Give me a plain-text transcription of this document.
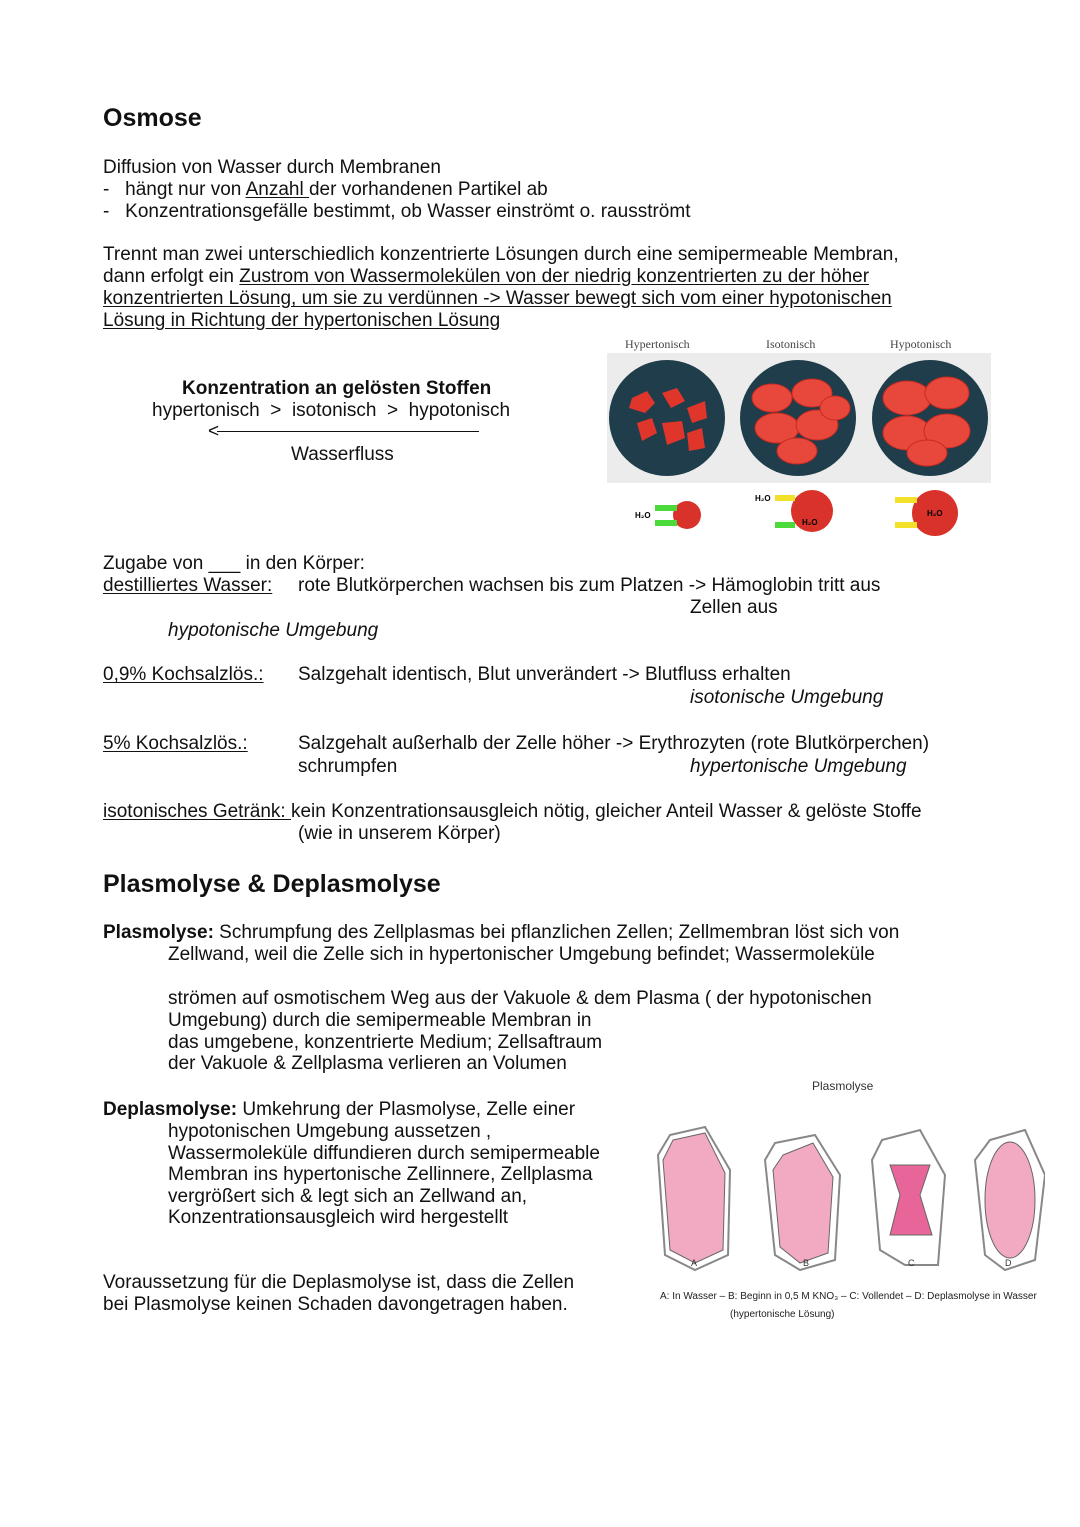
Osmose
Diffusion von Wasser durch Membranen
-   hängt nur von Anzahl der vorhandenen Partikel ab
-   Konzentrationsgefälle bestimmt, ob Wasser einströmt o. rausströmt
Trennt man zwei unterschiedlich konzentrierte Lösungen durch eine semipermeable Membran,
dann erfolgt ein Zustrom von Wassermolekülen von der niedrig konzentrierten zu der höher
konzentrierten Lösung, um sie zu verdünnen -> Wasser bewegt sich vom einer hypotonischen
Lösung in Richtung der hypertonischen Lösung
Konzentration an gelösten Stoffen
hypertonisch  >  isotonisch  >  hypotonisch
<
Wasserfluss
Hypertonisch	Isotonisch	Hypotonisch
H₂O
H₂O
H₂O
H₂O
Zugabe von ___ in den Körper:
destilliertes Wasser: rote Blutkörperchen wachsen bis zum Platzen -> Hämoglobin tritt aus
Zellen aus
hypotonische Umgebung
0,9% Kochsalzlös.: Salzgehalt identisch, Blut unverändert -> Blutfluss erhalten
isotonische Umgebung
5% Kochsalzlös.:	Salzgehalt außerhalb der Zelle höher -> Erythrozyten (rote Blutkörperchen)
schrumpfen	hypertonische Umgebung
isotonisches Getränk: kein Konzentrationsausgleich nötig, gleicher Anteil Wasser & gelöste Stoffe
(wie in unserem Körper)
Plasmolyse & Deplasmolyse
Plasmolyse: Schrumpfung des Zellplasmas bei pflanzlichen Zellen; Zellmembran löst sich von
Zellwand, weil die Zelle sich in hypertonischer Umgebung befindet; Wassermoleküle
strömen auf osmotischem Weg aus der Vakuole & dem Plasma ( der hypotonischen
Umgebung) durch die semipermeable Membran in
das umgebene, konzentrierte Medium; Zellsaftraum
der Vakuole & Zellplasma verlieren an Volumen
Deplasmolyse: Umkehrung der Plasmolyse, Zelle einer
hypotonischen Umgebung aussetzen ,
Wassermoleküle diffundieren durch semipermeable
Membran ins hypertonische Zellinnere, Zellplasma
vergrößert sich & legt sich an Zellwand an,
Konzentrationsausgleich wird hergestellt
Voraussetzung für die Deplasmolyse ist, dass die Zellen
bei Plasmolyse keinen Schaden davongetragen haben.
Plasmolyse
A	B	C	D
A: In Wasser – B: Beginn in 0,5 M KNO₃ – C: Vollendet – D: Deplasmolyse in Wasser
(hypertonische Lösung)
